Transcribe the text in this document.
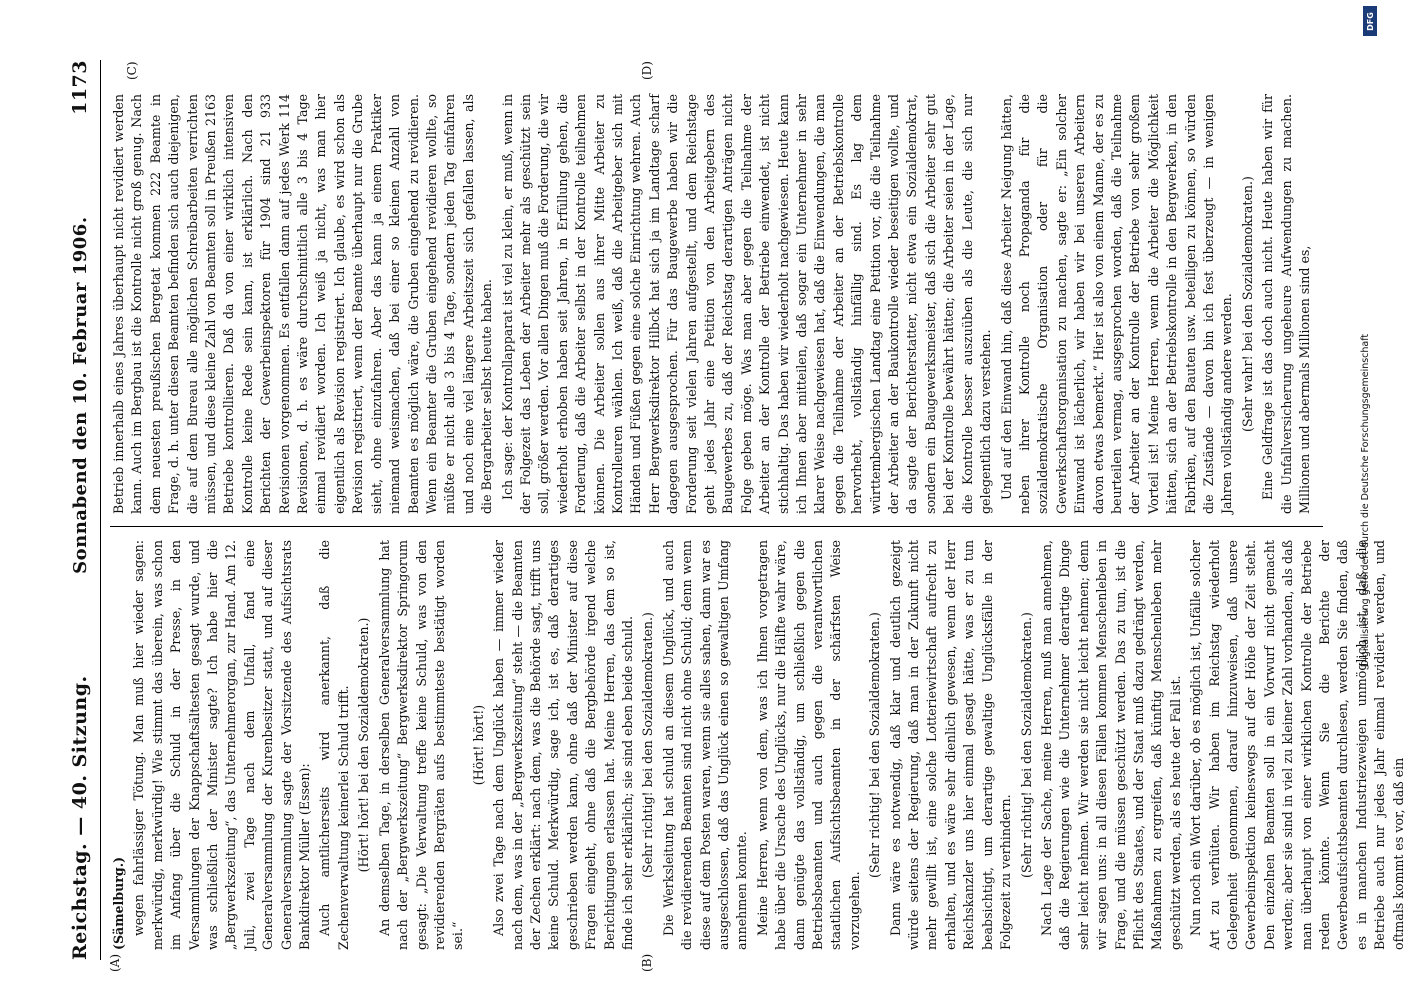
Reichstag. — 40. Sitzung.
Sonnabend den 10. Februar 1906.
1173
(A)	(B)
(C)	(D)

(Sämelburg.) wegen fahrlässiger Tötung. Man muß hier wieder sagen: merkwürdig, merkwürdig! Wie stimmt das überein, was schon im Anfang über die Schuld in der Presse, in den Versammlungen der Knappschaftsältesten gesagt wurde, und was schließlich der Minister sagte? Ich habe hier die „Bergwerkszeitung“, das Unternehmerorgan, zur Hand. Am 12. Juli, zwei Tage nach dem Unfall, fand eine Generalversammlung der Kurenbesitzer statt, und auf dieser Generalversammlung sagte der Vorsitzende des Aufsichtsrats Bankdirektor Müller (Essen): Auch amtlicherseits wird anerkannt, daß die Zechenverwaltung keinerlei Schuld trifft. (Hört! hört! bei den Sozialdemokraten.) An demselben Tage, in derselben Generalversammlung hat nach der „Bergwerkszeitung“ Bergwerksdirektor Springorum gesagt: „Die Verwaltung treffe keine Schuld, was von den revidierenden Bergräten aufs bestimmteste bestätigt worden sei.“

(Hört! hört!) Also zwei Tage nach dem Unglück haben — immer wieder nach dem, was in der „Bergwerkszeitung“ steht — die Beamten der Zechen erklärt: nach dem, was die Behörde sagt, trifft uns keine Schuld. Merkwürdig, sage ich, ist es, daß derartiges geschrieben werden kann, ohne daß der Minister auf diese Fragen eingeht, ohne daß die Bergbehörde irgend welche Berichtigungen erlassen hat. Meine Herren, das dem so ist, finde ich sehr erklärlich; sie sind eben beide schuld. (Sehr richtig! bei den Sozialdemokraten.) Die Werksleitung hat schuld an diesem Unglück, und auch die revidierenden Beamten sind nicht ohne Schuld; denn wenn diese auf dem Posten waren, wenn sie alles sahen, dann war es ausgeschlossen, daß das Unglück einen so gewaltigen Umfang annehmen konnte. Meine Herren, wenn von dem, was ich Ihnen vorgetragen habe über die Ursache des Unglücks, nur die Hälfte wahr wäre, dann genügte das vollständig, um schließlich gegen die Betriebsbeamten und auch gegen die verantwortlichen staatlichen Aufsichtsbeamten in der schärfsten Weise vorzugehen.

(Sehr richtig! bei den Sozialdemokraten.) Dann wäre es notwendig, daß klar und deutlich gezeigt würde seitens der Regierung, daß man in der Zukunft nicht mehr gewillt ist, eine solche Lotteriewirtschaft aufrecht zu erhalten, und es wäre sehr dienlich gewesen, wenn der Herr Reichskanzler uns hier einmal gesagt hätte, was er zu tun beabsichtigt, um derartige gewaltige Unglücksfälle in der Folgezeit zu verhindern. (Sehr richtig! bei den Sozialdemokraten.) Nach Lage der Sache, meine Herren, muß man annehmen, daß die Regierungen wie die Unternehmer derartige Dinge sehr leicht nehmen. Wir werden sie nicht leicht nehmen; denn wir sagen uns: in all diesen Fällen kommen Menschenleben in Frage, und die müssen geschützt werden. Das zu tun, ist die Pflicht des Staates, und der Staat muß dazu gedrängt werden, Maßnahmen zu ergreifen, daß künftig Menschenleben mehr geschützt werden, als es heute der Fall ist. Nun noch ein Wort darüber, ob es möglich ist, Unfälle solcher Art zu verhüten. Wir haben im Reichstag wiederholt Gelegenheit genommen, darauf hinzuweisen, daß unsere Gewerbeinspektion keineswegs auf der Höhe der Zeit steht. Den einzelnen Beamten soll in ein Vorwurf nicht gemacht werden; aber sie sind in viel zu kleiner Zahl vorhanden, als daß man überhaupt von einer wirklichen Kontrolle der Betriebe reden könnte. Wenn Sie die Berichte der Gewerbeaufsichtsbeamten durchlesen, werden Sie finden, daß es in manchen Industriezweigen unmöglich ist, daß die Betriebe auch nur jedes Jahr einmal revidiert werden, und oftmals kommt es vor, daß ein

Betrieb innerhalb eines Jahres überhaupt nicht revidiert werden kann. Auch im Bergbau ist die Kontrolle nicht groß genug. Nach dem neuesten preußischen Bergetat kommen 222 Beamte in Frage, d. h. unter diesen Beamten befinden sich auch diejenigen, die auf dem Bureau alle möglichen Schreibarbeiten verrichten müssen, und diese kleine Zahl von Beamten soll in Preußen 2163 Betriebe kontrollieren. Daß da von einer wirklich intensiven Kontrolle keine Rede sein kann, ist erklärlich. Nach den Berichten der Gewerbeinspektoren für 1904 sind 21 933 Revisionen vorgenommen. Es entfallen dann auf jedes Werk 114 Revisionen, d. h. es wäre durchschnittlich alle 3 bis 4 Tage einmal revidiert worden. Ich weiß ja nicht, was man hier eigentlich als Revision registriert. Ich glaube, es wird schon als Revision registriert, wenn der Beamte überhaupt nur die Grube sieht, ohne einzufahren. Aber das kann ja einem Praktiker niemand weismachen, daß bei einer so kleinen Anzahl von Beamten es möglich wäre, die Gruben eingehend zu revidieren. Wenn ein Beamter die Gruben eingehend revidieren wollte, so müßte er nicht alle 3 bis 4 Tage, sondern jeden Tag einfahren und noch eine viel längere Arbeitszeit sich gefallen lassen, als die Bergarbeiter selbst heute haben. Ich sage: der Kontrollapparat ist viel zu klein, er muß, wenn in der Folgezeit das Leben der Arbeiter mehr als geschützt sein soll, größer werden. Vor allen Dingen muß die Forderung, die wir wiederholt erhoben haben seit Jahren, in Erfüllung gehen, die Forderung, daß die Arbeiter selbst in der Kontrolle teilnehmen können. Die Arbeiter sollen aus ihrer Mitte Arbeiter zu Kontrolleuren wählen. Ich weiß, daß die Arbeitgeber sich mit Händen und Füßen gegen eine solche Einrichtung wehren. Auch Herr Bergwerksdirektor Hilbck hat sich ja im Landtage scharf dagegen ausgesprochen. Für das Baugewerbe haben wir die Forderung seit vielen Jahren aufgestellt, und dem Reichstage geht jedes Jahr eine Petition von den Arbeitgebern des Baugewerbes zu, daß der Reichstag derartigen Anträgen nicht Folge geben möge. Was man aber gegen die Teilnahme der Arbeiter an der Kontrolle der Betriebe einwendet, ist nicht stichhaltig. Das haben wir wiederholt nachgewiesen. Heute kann ich Ihnen aber mitteilen, daß sogar ein Unternehmer in sehr klarer Weise nachgewiesen hat, daß die Einwendungen, die man gegen die Teilnahme der Arbeiter an der Betriebskontrolle hervorhebt, vollständig hinfällig sind. Es lag dem württembergischen Landtag eine Petition vor, die die Teilnahme der Arbeiter an der Baukontrolle wieder beseitigen wollte, und da sagte der Berichterstatter, nicht etwa ein Sozialdemokrat, sondern ein Baugewerksmeister, daß sich die Arbeiter sehr gut bei der Kontrolle bewährt hätten; die Arbeiter seien in der Lage, die Kontrolle besser auszuüben als die Leute, die sich nur gelegentlich dazu verstehen. Und auf den Einwand hin, daß diese Arbeiter Neigung hätten, neben ihrer Kontrolle noch Propaganda für die sozialdemokratische Organisation oder für die Gewerkschaftsorganisation zu machen, sagte er: „Ein solcher Einwand ist lächerlich, wir haben wir bei unseren Arbeitern davon etwas bemerkt.“ Hier ist also von einem Manne, der es zu beurteilen vermag, ausgesprochen worden, daß die Teilnahme der Arbeiter an der Kontrolle der Betriebe von sehr großem Vorteil ist! Meine Herren, wenn die Arbeiter die Möglichkeit hätten, sich an der Betriebskontrolle in den Bergwerken, in den Fabriken, auf den Bauten usw. beteiligen zu können, so würden die Zustände — davon bin ich fest überzeugt — in wenigen Jahren vollständig andere werden. (Sehr wahr! bei den Sozialdemokraten.) Eine Geldfrage ist das doch auch nicht. Heute haben wir für die Unfallversicherung ungeheure Aufwendungen zu machen. Millionen und abermals Millionen sind es,

DFG
Digitalisierung gefördert durch die Deutsche Forschungsgemeinschaft
